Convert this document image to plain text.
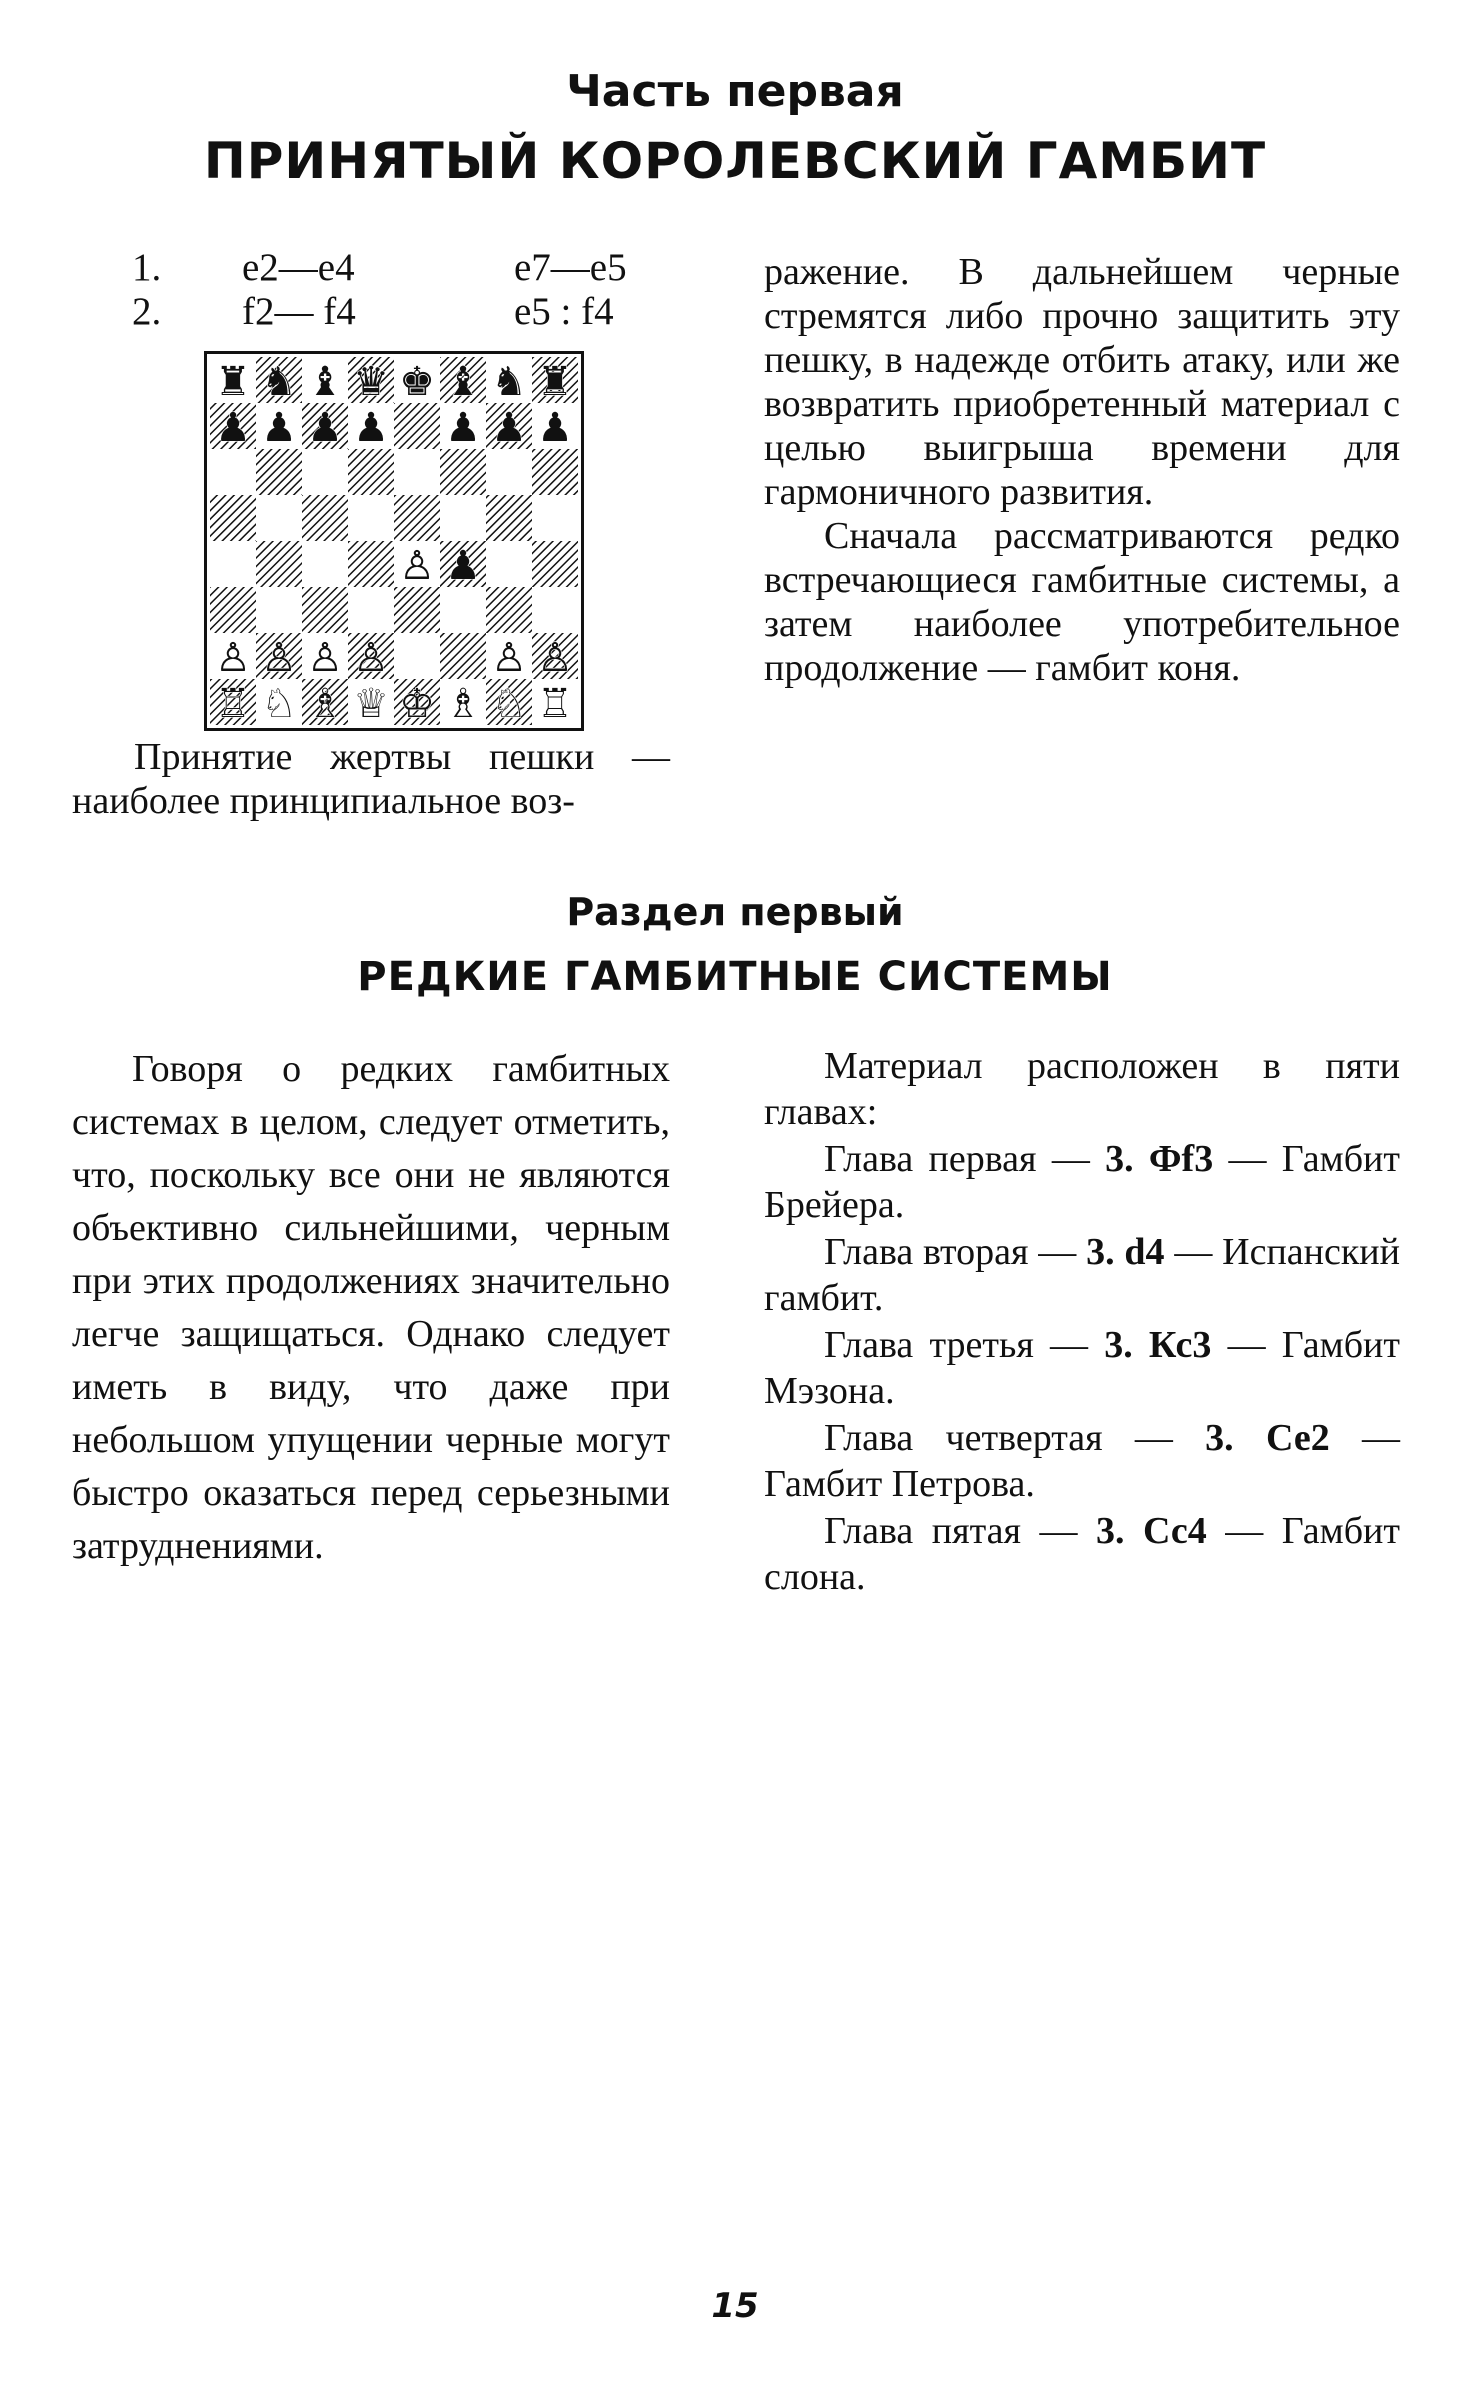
Часть первая
ПРИНЯТЫЙ КОРОЛЕВСКИЙ ГАМБИТ
1. e2—e4	e7—e5
2. f2— f4	e5 : f4
♜ ♞ ♝ ♛ ♚ ♝ ♞ ♜
♟ ♟ ♟ ♟ ♟ ♟ ♟
♙ ♟
♙ ♙ ♙ ♙	♙ ♙
♖ ♘ ♗ ♕ ♔ ♗ ♘ ♖
Принятие жертвы пешки — наиболее принципиальное воз-

ражение. В дальнейшем черные стремятся либо прочно защитить эту пешку, в надежде отбить атаку, или же возвратить приобретенный материал с целью выигрыша времени для гармоничного развития.

Сначала рассматриваются редко встречающиеся гамбитные системы, а затем наиболее употребительное продолжение — гамбит коня.

Раздел первый
РЕДКИЕ ГАМБИТНЫЕ СИСТЕМЫ

Говоря о редких гамбитных системах в целом, следует отметить, что, поскольку все они не являются объективно сильнейшими, черным при этих продолжениях значительно легче защищаться. Однако следует иметь в виду, что даже при небольшом упущении черные могут быстро оказаться перед серьезными затруднениями.

Материал расположен в пяти главах:

Глава первая — 3. Фf3 — Гамбит Брейера.

Глава вторая — 3. d4 — Испанский гамбит.

Глава третья — 3. Кс3 — Гамбит Мэзона.

Глава четвертая — 3. Се2 — Гамбит Петрова.

Глава пятая — 3. Сс4 — Гамбит слона.

15
